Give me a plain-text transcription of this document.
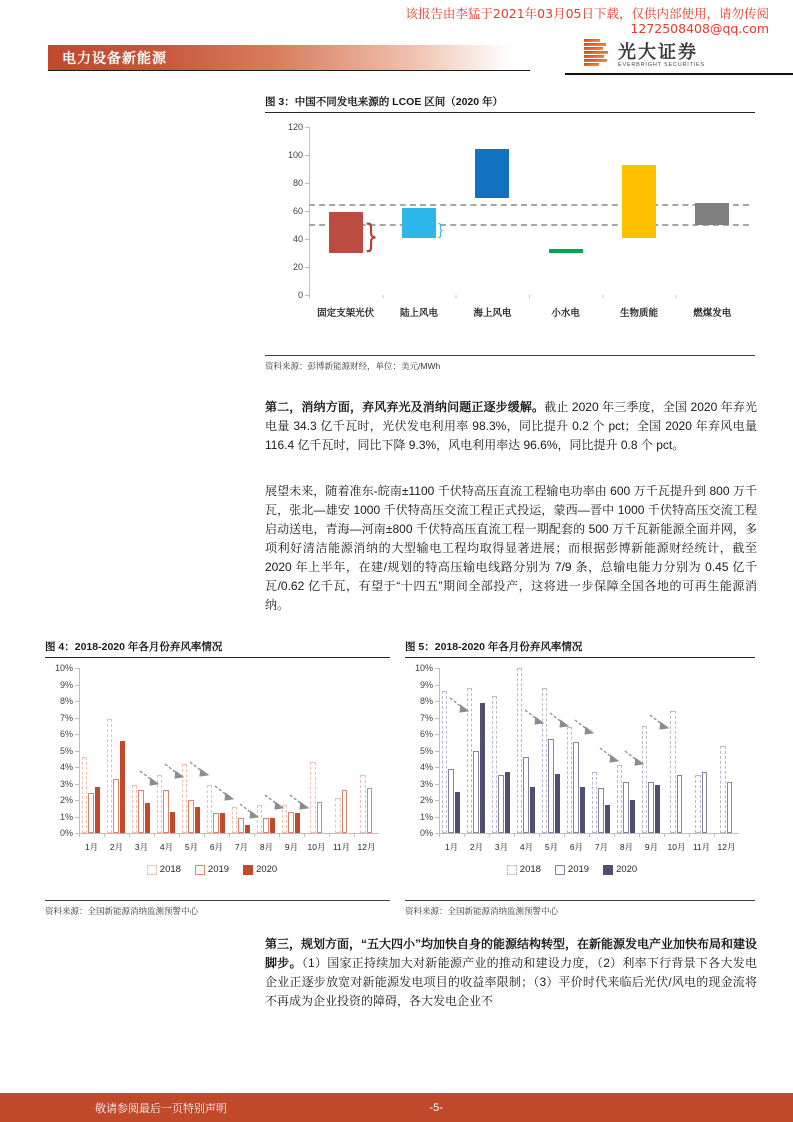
该报告由李猛于2021年03月05日下载，仅供内部使用，请勿传阅
1272508408@qq.com
电力设备新能源	光大证券
EVERBRIGHT SECURITIES
图 3：中国不同发电来源的 LCOE 区间（2020 年）
0
20
40
60
80
100
120
}	}
固定支架光伏	陆上风电	海上风电	小水电	生物质能	燃煤发电
资料来源：彭博新能源财经，单位：美元/MWh
第二，消纳方面，弃风弃光及消纳问题正逐步缓解。截止 2020 年三季度，全国 2020 年弃光电量 34.3 亿千瓦时，光伏发电利用率 98.3%，同比提升 0.2 个 pct；全国 2020 年弃风电量 116.4 亿千瓦时，同比下降 9.3%，风电利用率达 96.6%，同比提升 0.8 个 pct。
展望未来，随着准东-皖南±1100 千伏特高压直流工程输电功率由 600 万千瓦提升到 800 万千瓦，张北—雄安 1000 千伏特高压交流工程正式投运，蒙西—晋中 1000 千伏特高压交流工程启动送电，青海—河南±800 千伏特高压直流工程一期配套的 500 万千瓦新能源全面并网，多项利好清洁能源消纳的大型输电工程均取得显著进展；而根据彭博新能源财经统计，截至 2020 年上半年，在建/规划的特高压输电线路分别为 7/9 条，总输电能力分别为 0.45 亿千瓦/0.62 亿千瓦，有望于“十四五”期间全部投产，这将进一步保障全国各地的可再生能源消纳。
图 4：2018-2020 年各月份弃风率情况
0%
1%
2%
3%
4%
5%
6%
7%
8%
9%
10%
1月	2月	3月	4月	5月	6月	7月	8月	9月	10月 11月 12月
2018	2019	2020
资料来源：全国新能源消纳监测预警中心
图 5：2018-2020 年各月份弃风率情况
0%
1%
2%
3%
4%
5%
6%
7%
8%
9%
10%
1月	2月	3月	4月	5月	6月	7月	8月	9月	10月 11月 12月
2018	2019	2020
资料来源：全国新能源消纳监测预警中心
第三，规划方面，“五大四小”均加快自身的能源结构转型，在新能源发电产业加快布局和建设脚步。（1）国家正持续加大对新能源产业的推动和建设力度，（2）利率下行背景下各大发电企业正逐步放宽对新能源发电项目的收益率限制；（3）平价时代来临后光伏/风电的现金流将不再成为企业投资的障碍，各大发电企业不
敬请参阅最后一页特别声明	-5-
